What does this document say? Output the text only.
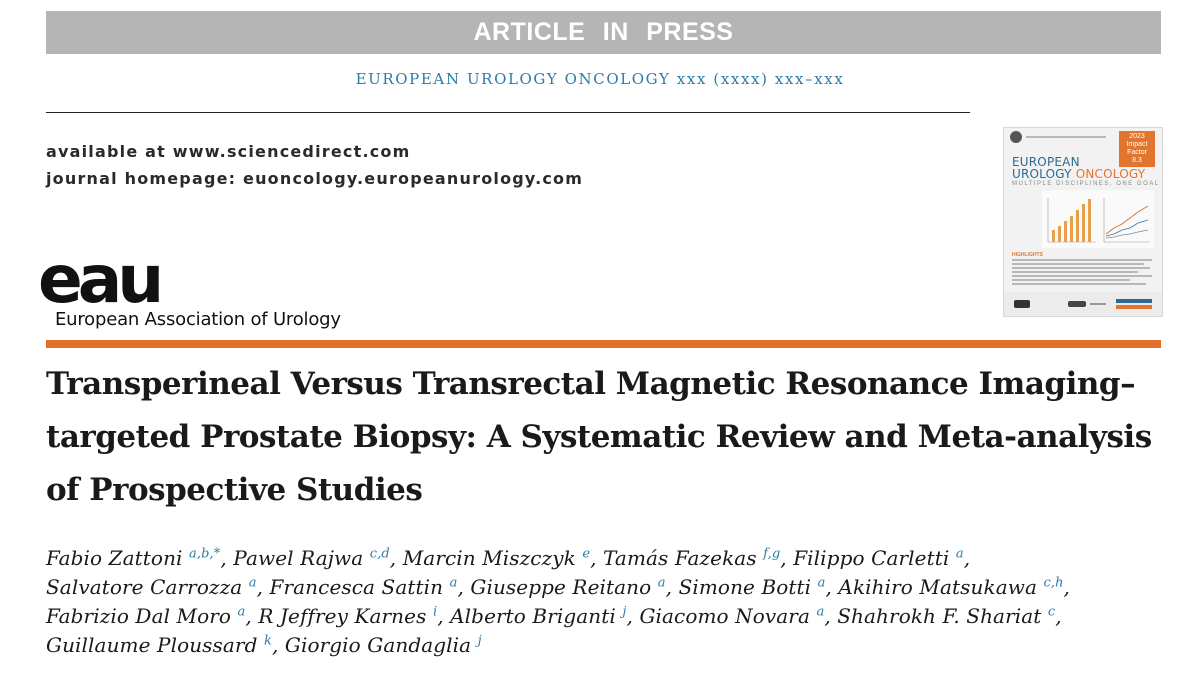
ARTICLE IN PRESS
EUROPEAN UROLOGY ONCOLOGY xxx (xxxx) xxx–xxx
available at www.sciencedirect.com
journal homepage: euoncology.europeanurology.com
eau
European Association of Urology
2023
Impact
Factor
8.3
EUROPEAN
UROLOGY ONCOLOGY
MULTIPLE DISCIPLINES, ONE GOAL
HIGHLIGHTS
Transperineal Versus Transrectal Magnetic Resonance Imaging–targeted Prostate Biopsy: A Systematic Review and Meta-analysis of Prospective Studies
Fabio Zattoni $^{a,b,*}$, Pawel Rajwa $^{c,d}$, Marcin Miszczyk $^e$, Tamás Fazekas $^{f,g}$, Filippo Carletti $^a$, Salvatore Carrozza $^a$, Francesca Sattin $^a$, Giuseppe Reitano $^a$, Simone Botti $^a$, Akihiro Matsukawa $^{c,h}$, Fabrizio Dal Moro $^a$, R Jeffrey Karnes $^i$, Alberto Briganti $^j$, Giacomo Novara $^a$, Shahrokh F. Shariat $^c$, Guillaume Ploussard $^k$, Giorgio Gandaglia $^j$
